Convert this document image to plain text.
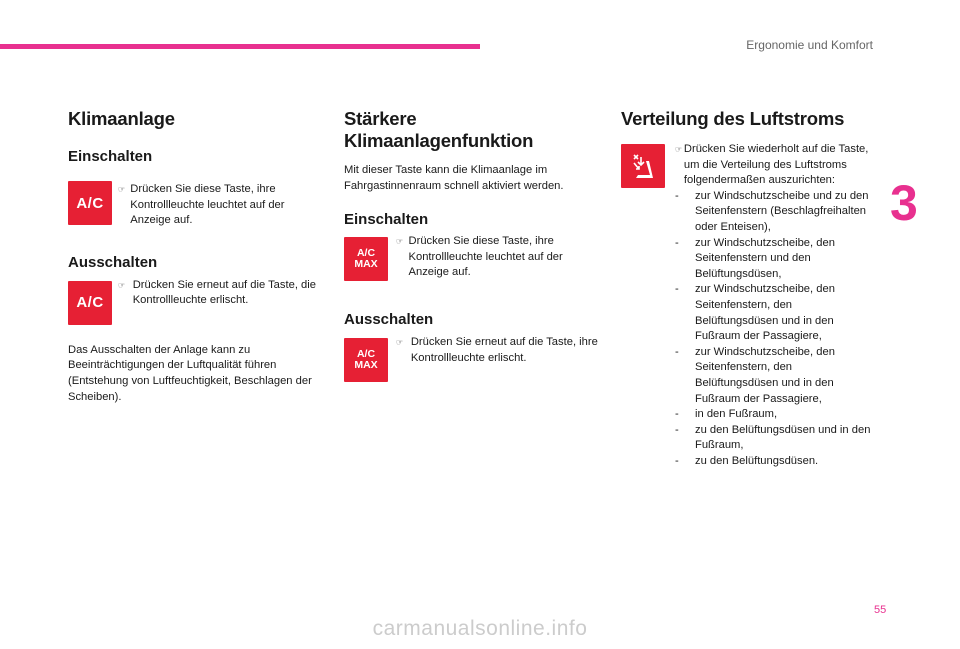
Ergonomie und Komfort
3
Klimaanlage
Einschalten
A/C
☞ Drücken Sie diese Taste, ihre Kontrollleuchte leuchtet auf der Anzeige auf.
Ausschalten
A/C
☞ Drücken Sie erneut auf die Taste, die Kontrollleuchte erlischt.

Das Ausschalten der Anlage kann zu Beeinträchtigungen der Luftqualität führen (Entstehung von Luftfeuchtigkeit, Beschlagen der Scheiben).

Stärkere Klimaanlagenfunktion

Mit dieser Taste kann die Klimaanlage im Fahrgastinnenraum schnell aktiviert werden.

Einschalten
A/C
MAX
☞ Drücken Sie diese Taste, ihre Kontrollleuchte leuchtet auf der Anzeige auf.
Ausschalten
A/C
MAX
☞ Drücken Sie erneut auf die Taste, ihre Kontrollleuchte erlischt.
Verteilung des Luftstroms
☞ Drücken Sie wiederholt auf die Taste, um die Verteilung des Luftstroms folgendermaßen auszurichten:
- zur Windschutzscheibe und zu den Seitenfenstern (Beschlagfreihalten oder Enteisen),
- zur Windschutzscheibe, den Seitenfenstern und den Belüftungsdüsen,
- zur Windschutzscheibe, den Seitenfenstern, den Belüftungsdüsen und in den Fußraum der Passagiere,
- zur Windschutzscheibe, den Seitenfenstern, den Belüftungsdüsen und in den Fußraum der Passagiere,
- in den Fußraum,
- zu den Belüftungsdüsen und in den Fußraum,
- zu den Belüftungsdüsen.
55
carmanualsonline.info
